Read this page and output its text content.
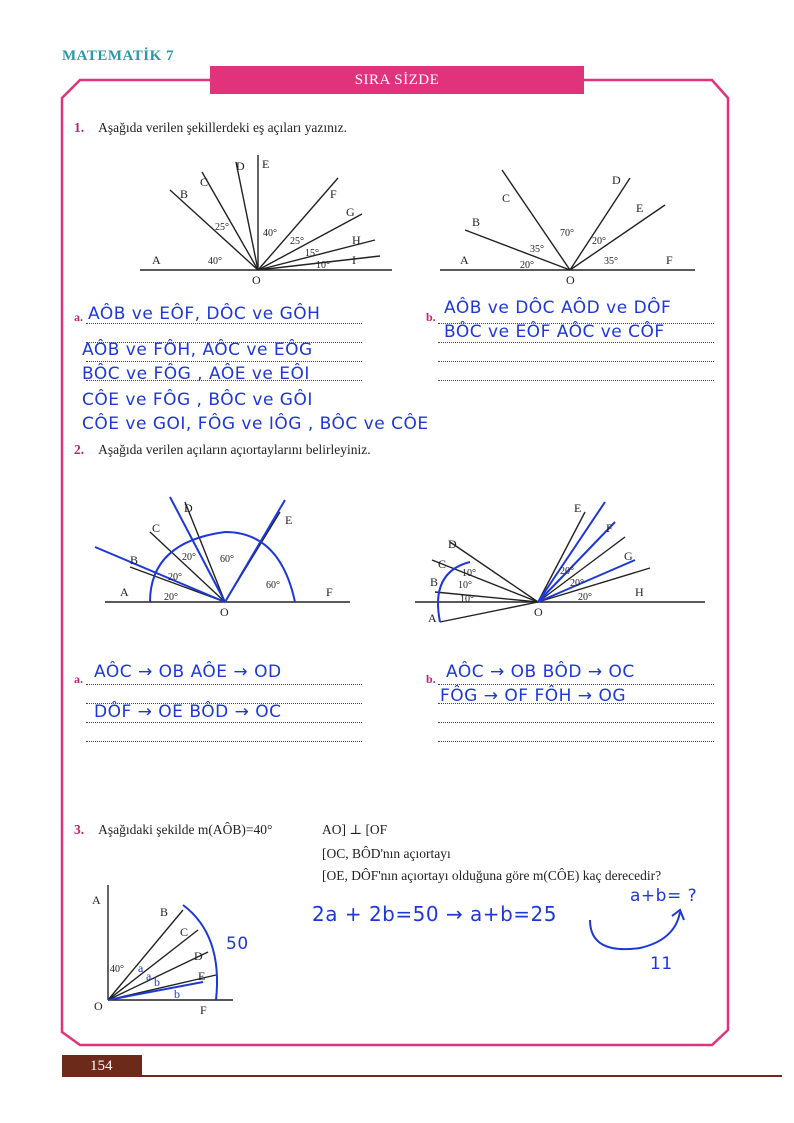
MATEMATİK 7
SIRA SİZDE
1. Aşağıda verilen şekillerdeki eş açıları yazınız.
A
B
C
D E
F
G
H
I
O
40°
25°
40°
25°
15°
10°	A
B
C
D
E
F
O
20°
35°
70°
20°
35°
a.	b.
AÔB ve EÔF, DÔC ve GÔH
AÔB ve FÔH, AÔC ve EÔG
BÔC ve FÔG , AÔE ve EÔI
CÔE ve FÔG , BÔC ve GÔI
CÔE ve GOI, FÔG ve IÔG , BÔC ve CÔE
AÔB ve DÔC AÔD ve DÔF
BÔC ve EÔF AÔC ve CÔF
2. Aşağıda verilen açıların açıortaylarını belirleyiniz.
A
B
C
D
E
F
O
20°
20°
20° 60°
60°
A
B
C
D
E
F
G
H
O
10°
10°
10°	20°
20°
20°
a.	b.
AÔC → OB AÔE → OD
DÔF → OE BÔD → OC
AÔC → OB BÔD → OC
FÔG → OF FÔH → OG
3. Aşağıdaki şekilde m(AÔB)=40°	AO] ⊥ [OF
[OC, BÔD'nın açıortayı
[OE, DÔF'nın açıortayı olduğuna göre m(CÔE) kaç derecedir?
A
B
C
D
E
F
O
40° a
a b
b
2a + 2b=50 → a+b=25
a+b= ?
50
11
154
